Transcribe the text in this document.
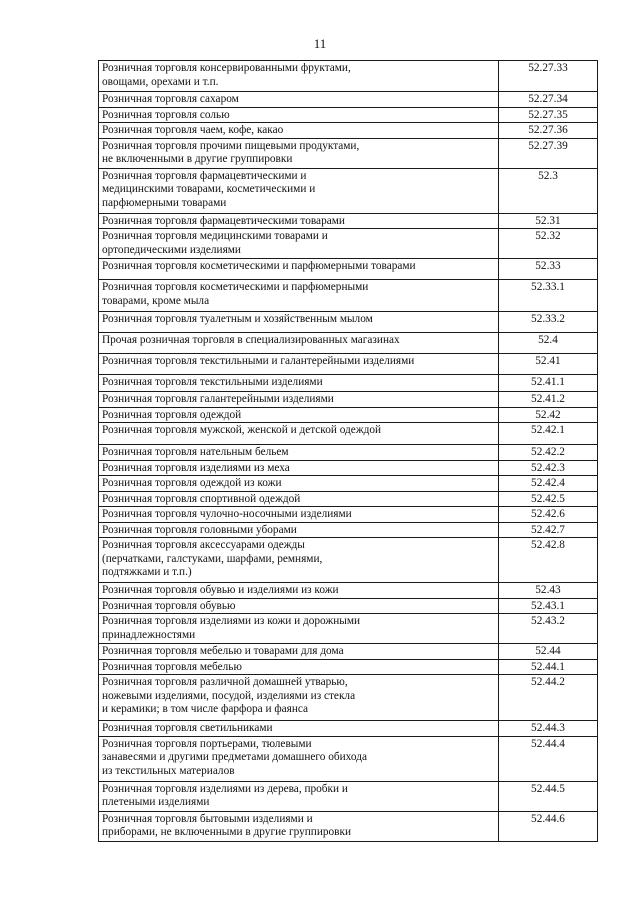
11
Розничная торговля консервированными фруктами,
овощами, орехами и т.п.	52.27.33

Розничная торговля сахаром	52.27.34

Розничная торговля солью	52.27.35

Розничная торговля чаем, кофе, какао	52.27.36

Розничная торговля прочими пищевыми продуктами,
не включенными в другие группировки	52.27.39

Розничная торговля фармацевтическими и
медицинскими товарами, косметическими и
парфюмерными товарами	52.3

Розничная торговля фармацевтическими товарами	52.31

Розничная торговля медицинскими товарами и
ортопедическими изделиями	52.32

Розничная торговля косметическими и парфюмерными товарами	52.33

Розничная торговля косметическими и парфюмерными
товарами, кроме мыла	52.33.1

Розничная торговля туалетным и хозяйственным мылом	52.33.2

Прочая розничная торговля в специализированных магазинах	52.4

Розничная торговля текстильными и галантерейными изделиями	52.41

Розничная торговля текстильными изделиями	52.41.1

Розничная торговля галантерейными изделиями	52.41.2

Розничная торговля одеждой	52.42

Розничная торговля мужской, женской и детской одеждой	52.42.1

Розничная торговля нательным бельем	52.42.2

Розничная торговля изделиями из меха	52.42.3

Розничная торговля одеждой из кожи	52.42.4

Розничная торговля спортивной одеждой	52.42.5

Розничная торговля чулочно-носочными изделиями	52.42.6

Розничная торговля головными уборами	52.42.7

Розничная торговля аксессуарами одежды
(перчатками, галстуками, шарфами, ремнями,
подтяжками и т.п.)	52.42.8

Розничная торговля обувью и изделиями из кожи	52.43

Розничная торговля обувью	52.43.1

Розничная торговля изделиями из кожи и дорожными
принадлежностями	52.43.2

Розничная торговля мебелью и товарами для дома	52.44

Розничная торговля мебелью	52.44.1

Розничная торговля различной домашней утварью,
ножевыми изделиями, посудой, изделиями из стекла
и керамики; в том числе фарфора и фаянса	52.44.2

Розничная торговля светильниками	52.44.3

Розничная торговля портьерами, тюлевыми
занавесями и другими предметами домашнего обихода
из текстильных материалов	52.44.4

Розничная торговля изделиями из дерева, пробки и
плетеными изделиями	52.44.5

Розничная торговля бытовыми изделиями и
приборами, не включенными в другие группировки	52.44.6
